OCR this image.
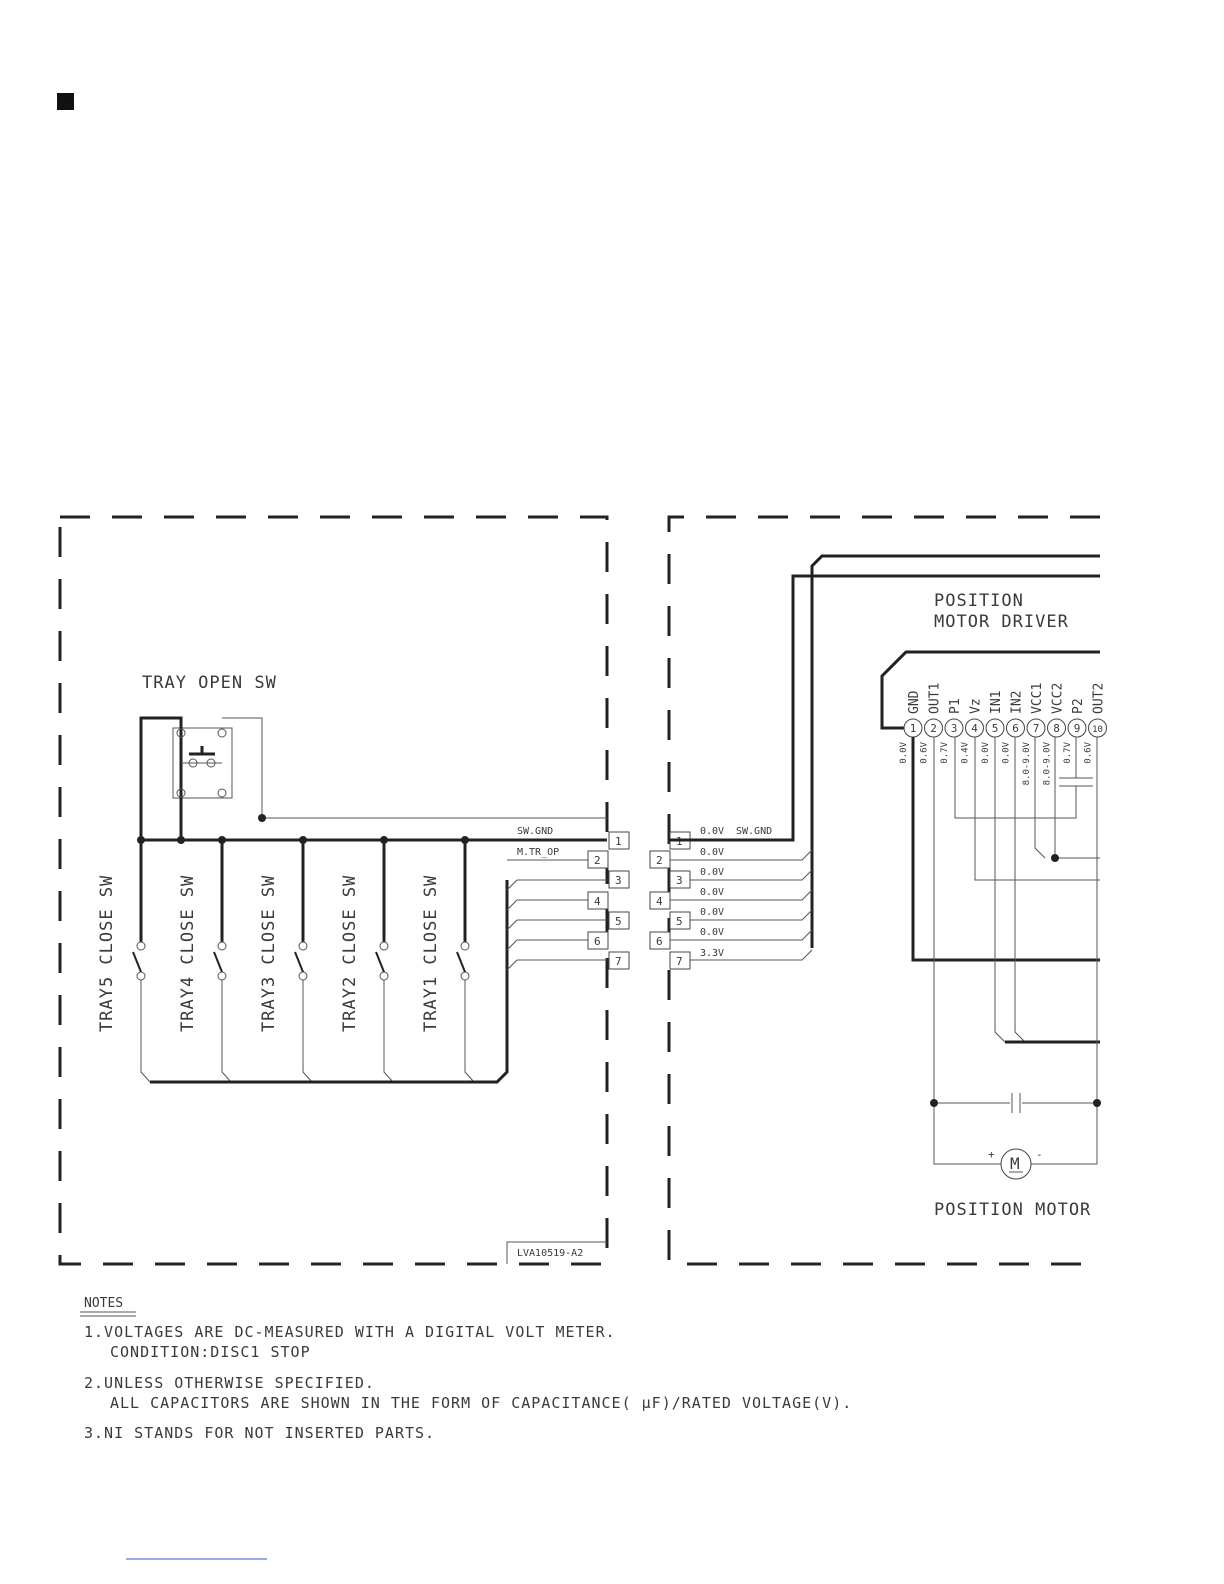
TRAY OPEN SW
TRAY5 CLOSE SW	TRAY4 CLOSE SW	TRAY3 CLOSE SW	TRAY2 CLOSE SW	TRAY1 CLOSE SW
SW.GND
M.TR_OP
1
2
3
4
5
6
7
LVA10519-A2
1
2
3
4
5
6
7
0.0V SW.GND
0.0V
0.0V
0.0V
0.0V
0.0V
3.3V
POSITION
MOTOR DRIVER
1
GND
0.0V
2
OUT1
0.6V
3
P1
0.7V
4
Vz
0.4V
5
IN1
0.0V
6
IN2
0.0V
7
VCC1
8.0-9.0V
8
VCC2
8.0-9.0V
9
P2
0.7V
10
OUT2
0.6V
M
+	-
POSITION MOTOR
NOTES
1.VOLTAGES ARE DC-MEASURED WITH A DIGITAL VOLT METER.
CONDITION:DISC1 STOP
2.UNLESS OTHERWISE SPECIFIED.
ALL CAPACITORS ARE SHOWN IN THE FORM OF CAPACITANCE( μF)/RATED VOLTAGE(V).
3.NI STANDS FOR NOT INSERTED PARTS.
